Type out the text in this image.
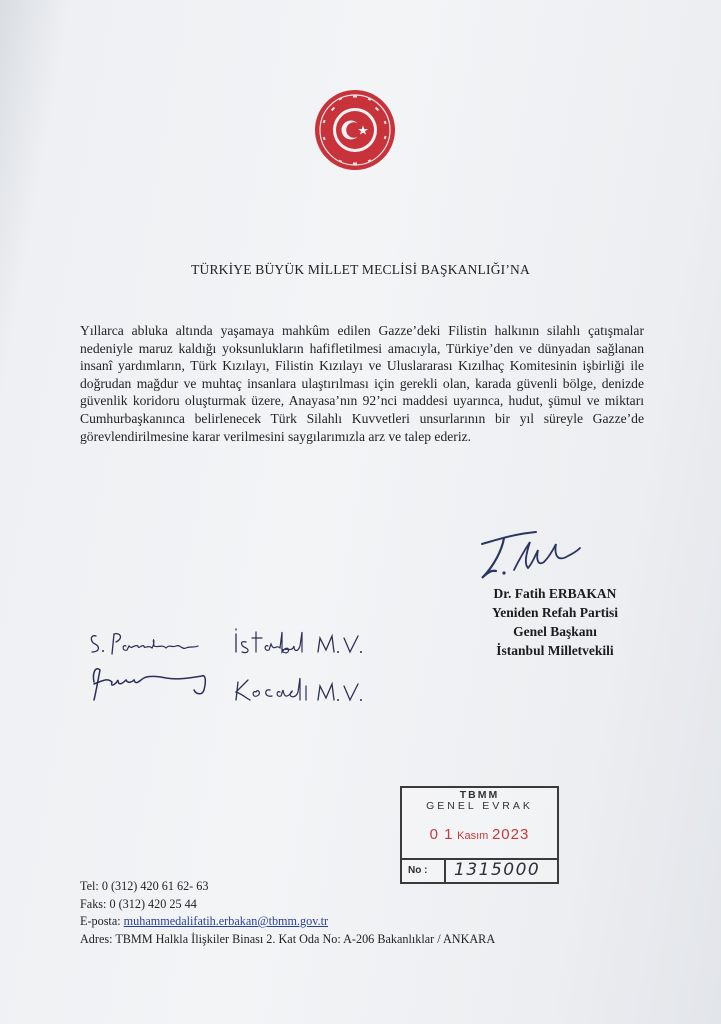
TÜRKİYE BÜYÜK MİLLET MECLİSİ BAŞKANLIĞI’NA

Yıllarca abluka altında yaşamaya mahkûm edilen Gazze’deki Filistin halkının silahlı çatışmalar nedeniyle maruz kaldığı yoksunlukların hafifletilmesi amacıyla, Türkiye’den ve dünyadan sağlanan insanî yardımların, Türk Kızılayı, Filistin Kızılayı ve Uluslararası Kızılhaç Komitesinin işbirliği ile doğrudan mağdur ve muhtaç insanlara ulaştırılması için gerekli olan, karada güvenli bölge, denizde güvenlik koridoru oluşturmak üzere, Anayasa’nın 92’nci maddesi uyarınca, hudut, şümul ve miktarı Cumhurbaşkanınca belirlenecek Türk Silahlı Kuvvetleri unsurlarının bir yıl süreyle Gazze’de görevlendirilmesine karar verilmesini saygılarımızla arz ve talep ederiz.

Dr. Fatih ERBAKAN
Yeniden Refah Partisi
Genel Başkanı
İstanbul Milletvekili
TBMM
GENEL EVRAK
0 1 Kasım 2023
No : 1315000
Tel: 0 (312) 420 61 62- 63
Faks: 0 (312) 420 25 44
E-posta: muhammedalifatih.erbakan@tbmm.gov.tr
Adres: TBMM Halkla İlişkiler Binası 2. Kat Oda No: A-206 Bakanlıklar / ANKARA
